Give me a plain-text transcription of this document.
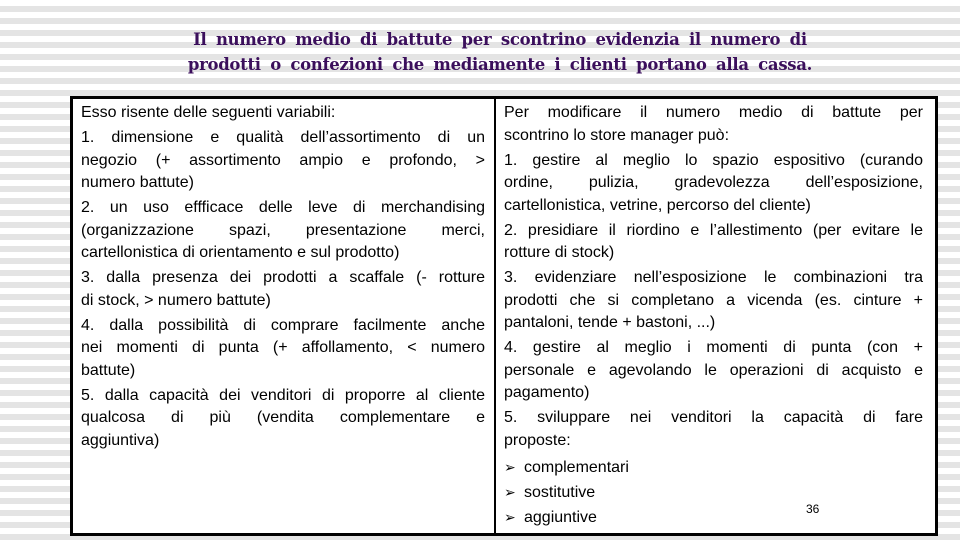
Il numero medio di battute per scontrino evidenzia il numero di
prodotti o confezioni che mediamente i clienti portano alla cassa.
Esso risente delle seguenti variabili:
1. dimensione e qualità dell’assortimento di un
negozio (+ assortimento ampio e profondo, >
numero battute)
2. un uso effficace delle leve di merchandising
(organizzazione spazi, presentazione merci,
cartellonistica di orientamento e sul prodotto)
3. dalla presenza dei prodotti a scaffale (- rotture
di stock, > numero battute)
4. dalla possibilità di comprare facilmente anche
nei momenti di punta (+ affollamento, < numero
battute)
5. dalla capacità dei venditori di proporre al cliente
qualcosa di più (vendita complementare e
aggiuntiva)
Per modificare il numero medio di battute per
scontrino lo store manager può:
1. gestire al meglio lo spazio espositivo (curando
ordine, pulizia, gradevolezza dell’esposizione,
cartellonistica, vetrine, percorso del cliente)
2. presidiare il riordino e l’allestimento (per evitare le
rotture di stock)
3. evidenziare nell’esposizione le combinazioni tra
prodotti che si completano a vicenda (es. cinture +
pantaloni, tende + bastoni, ...)
4. gestire al meglio i momenti di punta (con +
personale e agevolando le operazioni di acquisto e
pagamento)
5. sviluppare nei venditori la capacità di fare
proposte:
➢ complementari
➢ sostitutive
➢ aggiuntive	36
